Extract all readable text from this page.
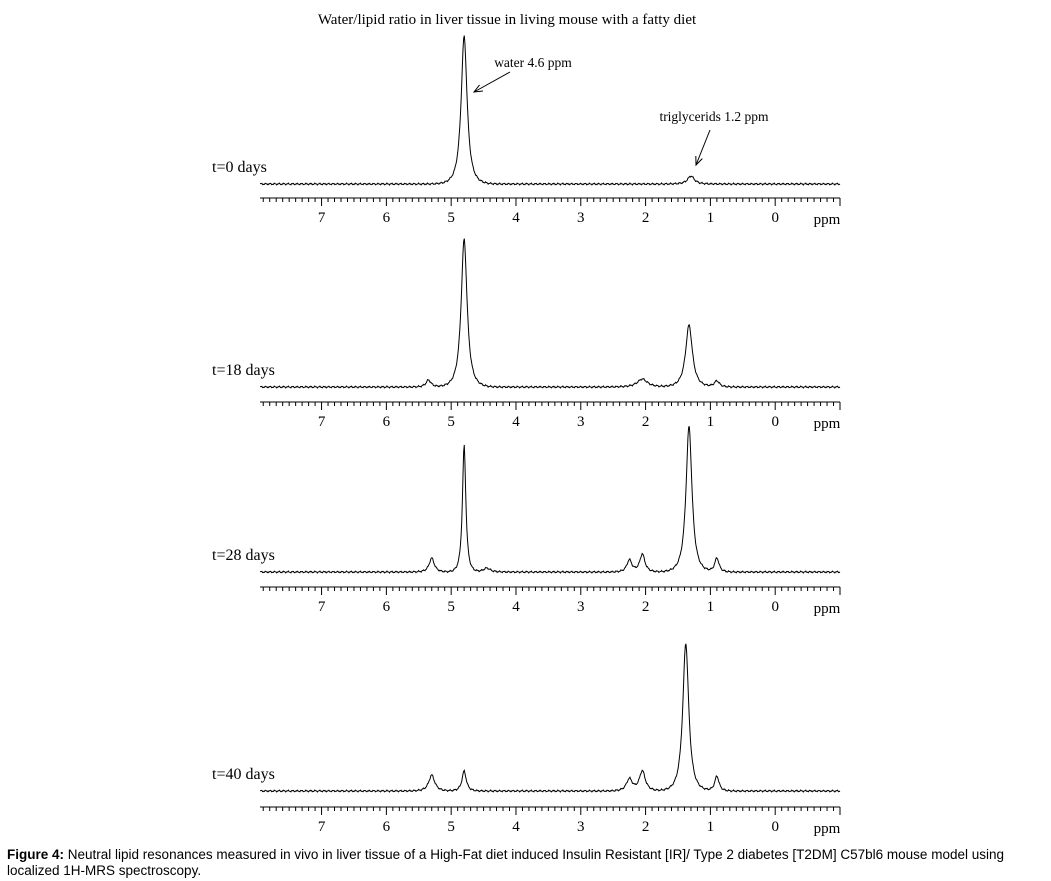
Water/lipid ratio in liver tissue in living mouse with a fatty diet
t=0 days
7	6	5	4	3	2	1	0 ppm
t=18 days
7	6	5	4	3	2	1	0 ppm
t=28 days
7	6	5	4	3	2	1	0 ppm
t=40 days
7	6	5	4	3	2	1	0 ppm
water 4.6 ppm
triglycerids 1.2 ppm
Figure 4: Neutral lipid resonances measured in vivo in liver tissue of a High-Fat diet induced Insulin Resistant [IR]/ Type 2 diabetes [T2DM] C57bl6 mouse model using localized 1H-MRS spectroscopy.
